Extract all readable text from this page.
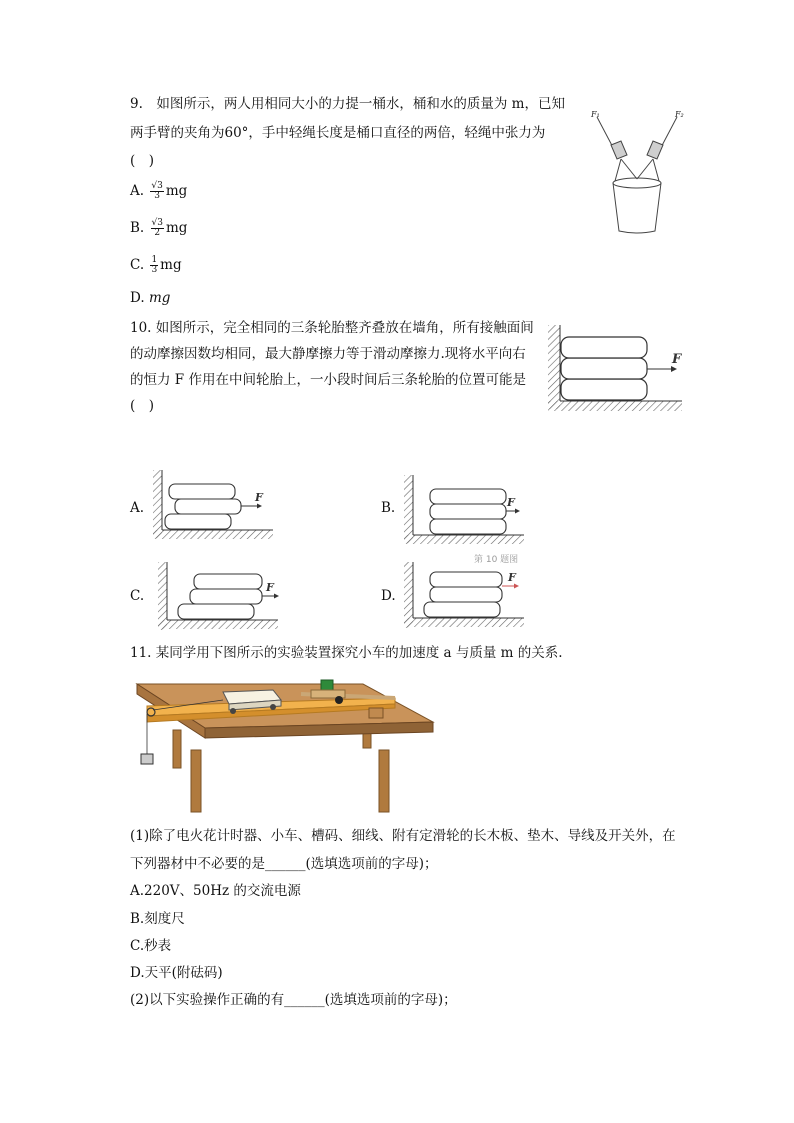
9.　如图所示，两人用相同大小的力提一桶水，桶和水的质量为 m，已知
两手臂的夹角为60°，手中轻绳长度是桶口直径的两倍，轻绳中张力为
(　)
A. $\frac{√3}{3}$ mg
B. $\frac{√3}{2}$ mg
C. $\frac{1}{3}$ mg
D. mg
F₁	F₂
10. 如图所示，完全相同的三条轮胎整齐叠放在墙角，所有接触面间
的动摩擦因数均相同，最大静摩擦力等于滑动摩擦力.现将水平向右
的恒力 F 作用在中间轮胎上，一小段时间后三条轮胎的位置可能是
(　)
F
A.	B.
C.	D.
F	F
F
第 10 题图
F
11. 某同学用下图所示的实验装置探究小车的加速度 a 与质量 m 的关系.
(1)除了电火花计时器、小车、槽码、细线、附有定滑轮的长木板、垫木、导线及开关外，在
下列器材中不必要的是______(选填选项前的字母)；
A.220V、50Hz 的交流电源
B.刻度尺
C.秒表
D.天平(附砝码)
(2)以下实验操作正确的有______(选填选项前的字母)；
